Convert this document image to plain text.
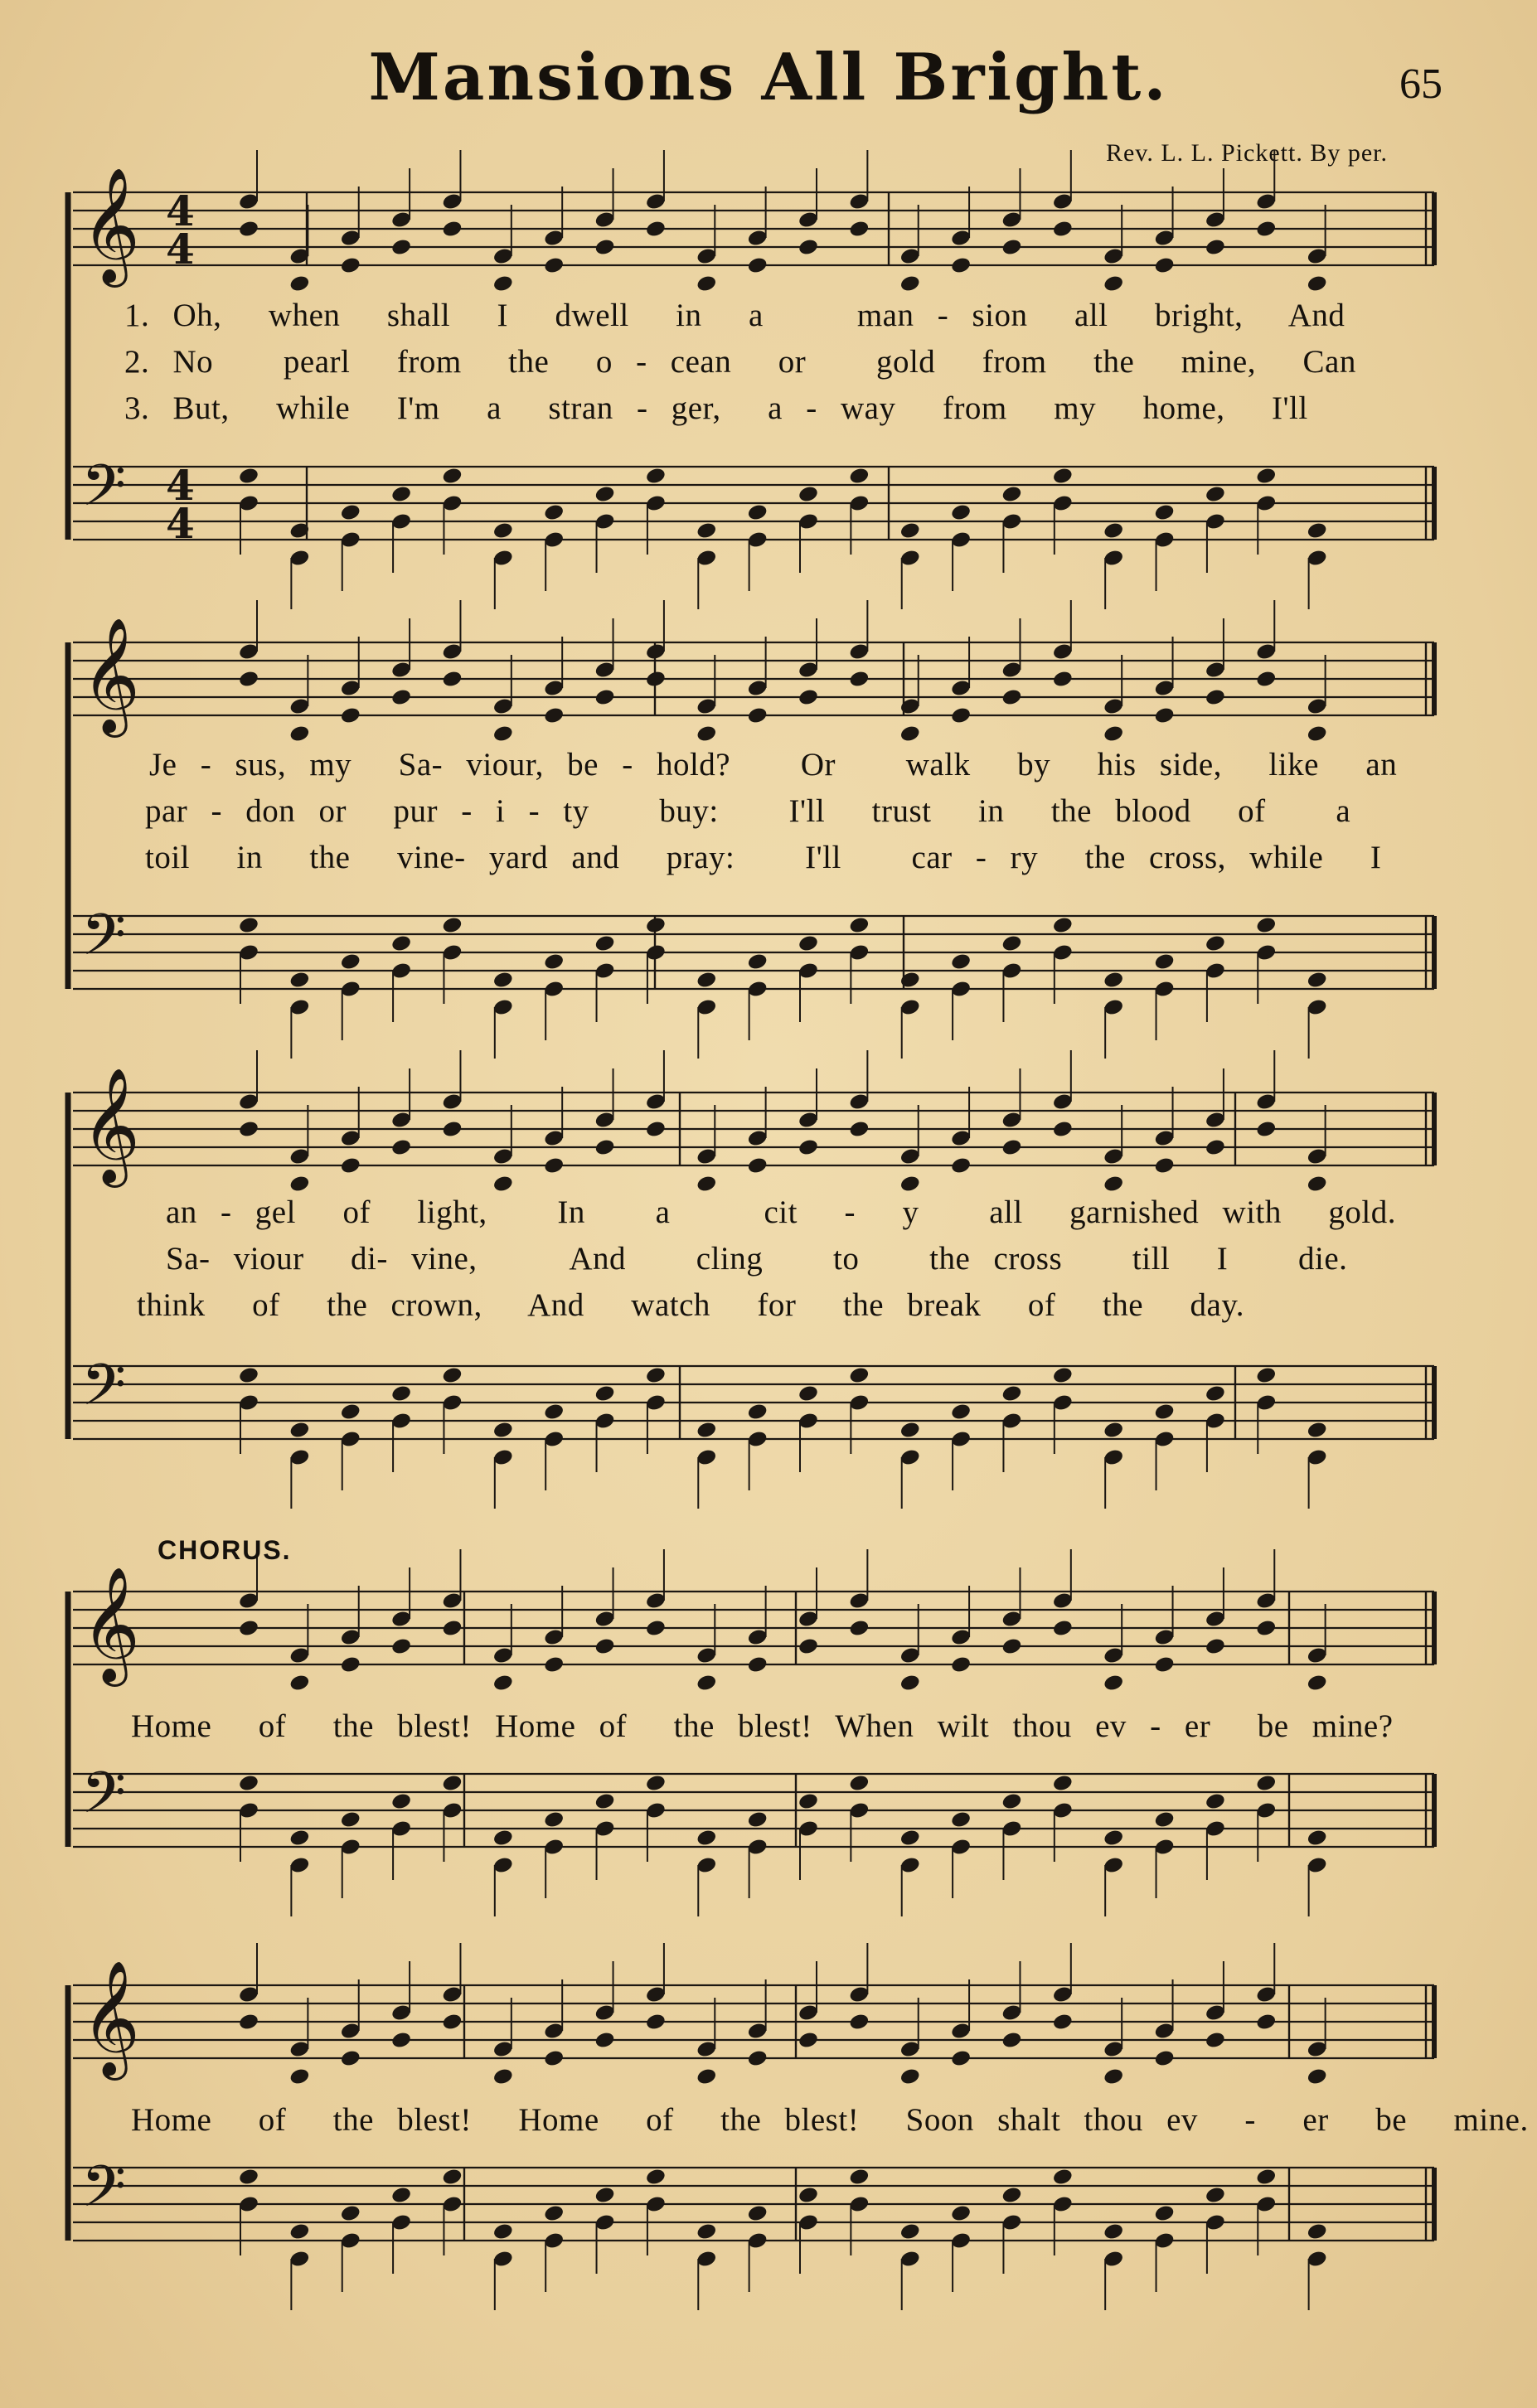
Mansions All Bright.	65
Rev. L. L. Pickett. By per.
𝄞
𝄢
𝄞
𝄢
𝄞
𝄢
𝄞
𝄢
𝄞
𝄢
4
4
4
4
CHORUS.
1. Oh,  when  shall  I  dwell  in  a    man - sion  all  bright,  And
2. No   pearl  from  the  o - cean  or   gold  from  the  mine,  Can
3. But,  while  I'm  a  stran - ger,  a - way  from  my  home,  I'll
Je - sus, my  Sa- viour, be - hold?   Or   walk  by  his side,  like  an
par - don or  pur - i - ty   buy:   I'll  trust  in  the blood  of   a
toil  in  the  vine- yard and  pray:   I'll   car - ry  the cross, while  I
an - gel  of  light,   In   a    cit  -  y   all  garnished with  gold.
Sa- viour  di- vine,    And   cling   to   the cross   till  I   die.
think  of  the crown,  And  watch  for  the break  of  the  day.
Home  of  the blest! Home of  the blest! When wilt thou ev - er  be mine?
Home  of  the blest!  Home  of  the blest!  Soon shalt thou ev  -  er  be  mine.
